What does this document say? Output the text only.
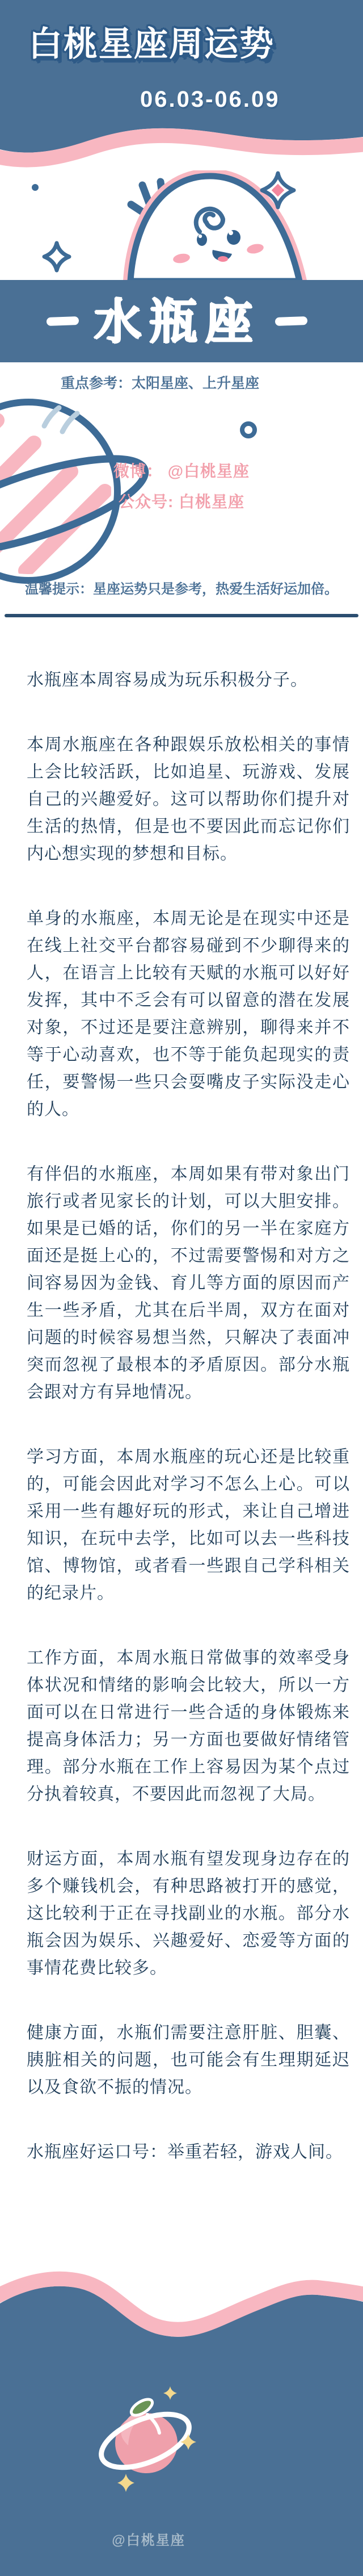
白桃星座周运势
06.03-06.09
水瓶座
重点参考：太阳星座、上升星座
微博： @白桃星座
公众号: 白桃星座
温馨提示：星座运势只是参考，热爱生活好运加倍。
水瓶座本周容易成为玩乐积极分子。
本周水瓶座在各种跟娱乐放松相关的事情上会比较活跃，比如追星、玩游戏、发展自己的兴趣爱好。这可以帮助你们提升对生活的热情，但是也不要因此而忘记你们内心想实现的梦想和目标。
单身的水瓶座，本周无论是在现实中还是在线上社交平台都容易碰到不少聊得来的人，在语言上比较有天赋的水瓶可以好好发挥，其中不乏会有可以留意的潜在发展对象，不过还是要注意辨别，聊得来并不等于心动喜欢，也不等于能负起现实的责任，要警惕一些只会耍嘴皮子实际没走心的人。
有伴侣的水瓶座，本周如果有带对象出门旅行或者见家长的计划，可以大胆安排。如果是已婚的话，你们的另一半在家庭方面还是挺上心的，不过需要警惕和对方之间容易因为金钱、育儿等方面的原因而产生一些矛盾，尤其在后半周，双方在面对问题的时候容易想当然，只解决了表面冲突而忽视了最根本的矛盾原因。部分水瓶会跟对方有异地情况。
学习方面，本周水瓶座的玩心还是比较重的，可能会因此对学习不怎么上心。可以采用一些有趣好玩的形式，来让自己增进知识，在玩中去学，比如可以去一些科技馆、博物馆，或者看一些跟自己学科相关的纪录片。
工作方面，本周水瓶日常做事的效率受身体状况和情绪的影响会比较大，所以一方面可以在日常进行一些合适的身体锻炼来提高身体活力；另一方面也要做好情绪管理。部分水瓶在工作上容易因为某个点过分执着较真，不要因此而忽视了大局。
财运方面，本周水瓶有望发现身边存在的多个赚钱机会，有种思路被打开的感觉，这比较利于正在寻找副业的水瓶。部分水瓶会因为娱乐、兴趣爱好、恋爱等方面的事情花费比较多。
健康方面，水瓶们需要注意肝脏、胆囊、胰脏相关的问题，也可能会有生理期延迟以及食欲不振的情况。
水瓶座好运口号：举重若轻，游戏人间。
@白桃星座
